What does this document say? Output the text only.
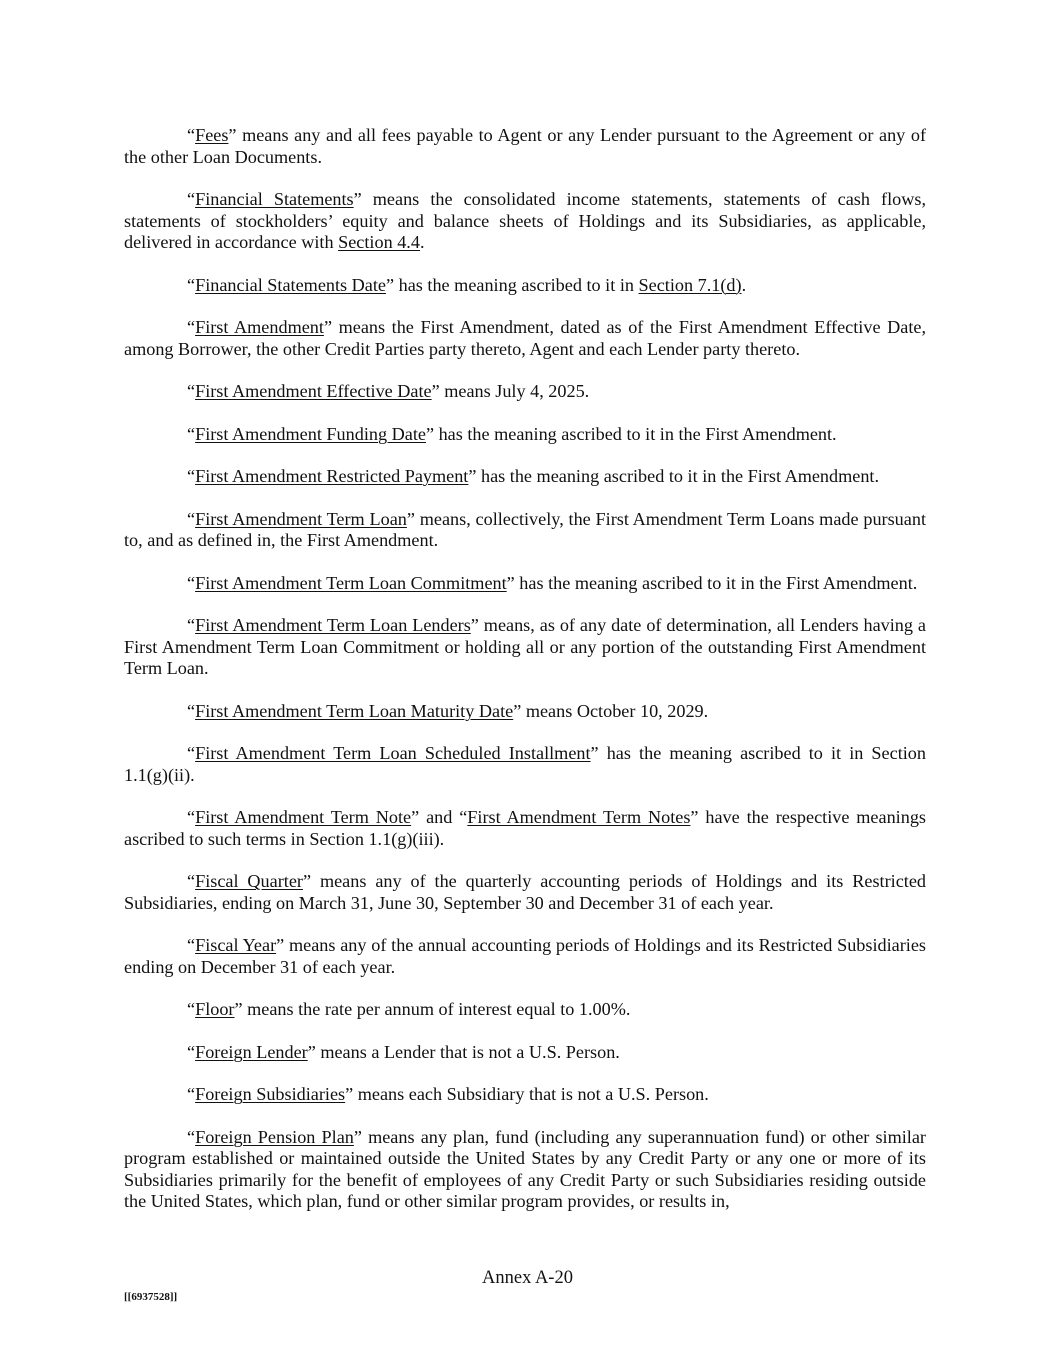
“Fees” means any and all fees payable to Agent or any Lender pursuant to the Agreement or any of the other Loan Documents.

“Financial Statements” means the consolidated income statements, statements of cash flows, statements of stockholders’ equity and balance sheets of Holdings and its Subsidiaries, as applicable, delivered in accordance with Section 4.4.

“Financial Statements Date” has the meaning ascribed to it in Section 7.1(d).

“First Amendment” means the First Amendment, dated as of the First Amendment Effective Date, among Borrower, the other Credit Parties party thereto, Agent and each Lender party thereto.

“First Amendment Effective Date” means July 4, 2025.

“First Amendment Funding Date” has the meaning ascribed to it in the First Amendment.

“First Amendment Restricted Payment” has the meaning ascribed to it in the First Amendment.

“First Amendment Term Loan” means, collectively, the First Amendment Term Loans made pursuant to, and as defined in, the First Amendment.

“First Amendment Term Loan Commitment” has the meaning ascribed to it in the First Amendment.

“First Amendment Term Loan Lenders” means, as of any date of determination, all Lenders having a First Amendment Term Loan Commitment or holding all or any portion of the outstanding First Amendment Term Loan.

“First Amendment Term Loan Maturity Date” means October 10, 2029.

“First Amendment Term Loan Scheduled Installment” has the meaning ascribed to it in Section 1.1(g)(ii).

“First Amendment Term Note” and “First Amendment Term Notes” have the respective meanings ascribed to such terms in Section 1.1(g)(iii).

“Fiscal Quarter” means any of the quarterly accounting periods of Holdings and its Restricted Subsidiaries, ending on March 31, June 30, September 30 and December 31 of each year.

“Fiscal Year” means any of the annual accounting periods of Holdings and its Restricted Subsidiaries ending on December 31 of each year.

“Floor” means the rate per annum of interest equal to 1.00%.

“Foreign Lender” means a Lender that is not a U.S. Person.

“Foreign Subsidiaries” means each Subsidiary that is not a U.S. Person.

“Foreign Pension Plan” means any plan, fund (including any superannuation fund) or other similar program established or maintained outside the United States by any Credit Party or any one or more of its Subsidiaries primarily for the benefit of employees of any Credit Party or such Subsidiaries residing outside the United States, which plan, fund or other similar program provides, or results in,

Annex A-20
[[6937528]]
